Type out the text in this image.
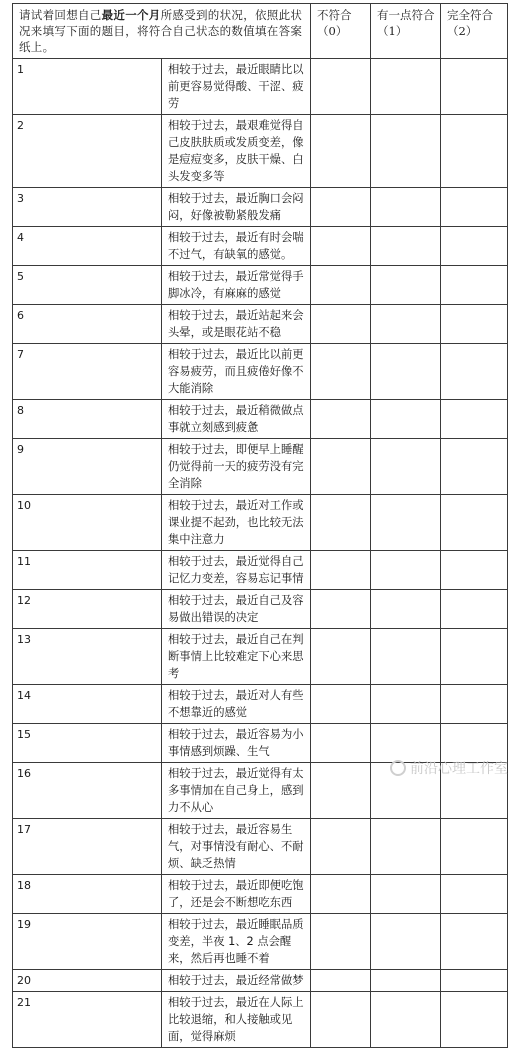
请试着回想自己最近一个月所感受到的状况，依照此状况来填写下面的题目，将符合自己状态的数值填在答案纸上。		不符合（0）	有一点符合 （1）	完全符合 （2）
1	相较于过去，最近眼睛比以前更容易觉得酸、干涩、疲劳			
2	相较于过去，最艰难觉得自己皮肤肤质或发质变差，像是痘痘变多，皮肤干燥、白头发变多等			
3	相较于过去，最近胸口会闷闷，好像被勒紧般发痛			
4	相较于过去，最近有时会喘不过气，有缺氧的感觉。			
5	相较于过去，最近常觉得手脚冰冷，有麻麻的感觉			
6	相较于过去，最近站起来会头晕，或是眼花站不稳			
7	相较于过去，最近比以前更容易疲劳，而且疲倦好像不大能消除			
8	相较于过去，最近稍微做点事就立刻感到疲惫			
9	相较于过去，即便早上睡醒仍觉得前一天的疲劳没有完全消除			
10	相较于过去，最近对工作或课业提不起劲，也比较无法集中注意力			
11	相较于过去，最近觉得自己记忆力变差，容易忘记事情			
12	相较于过去，最近自己及容易做出错误的决定			
13	相较于过去，最近自己在判断事情上比较难定下心来思考			
14	相较于过去，最近对人有些不想靠近的感觉			
15	相较于过去，最近容易为小事情感到烦躁、生气			
16	相较于过去，最近觉得有太多事情加在自己身上，感到力不从心			
17	相较于过去，最近容易生气，对事情没有耐心、不耐烦、缺乏热情			
18	相较于过去，最近即便吃饱了，还是会不断想吃东西			
19	相较于过去，最近睡眠品质变差，半夜 1、2 点会醒来，然后再也睡不着			
20	相较于过去，最近经常做梦			
21	相较于过去，最近在人际上比较退缩，和人接触或见面，觉得麻烦			
前沿心理工作室
